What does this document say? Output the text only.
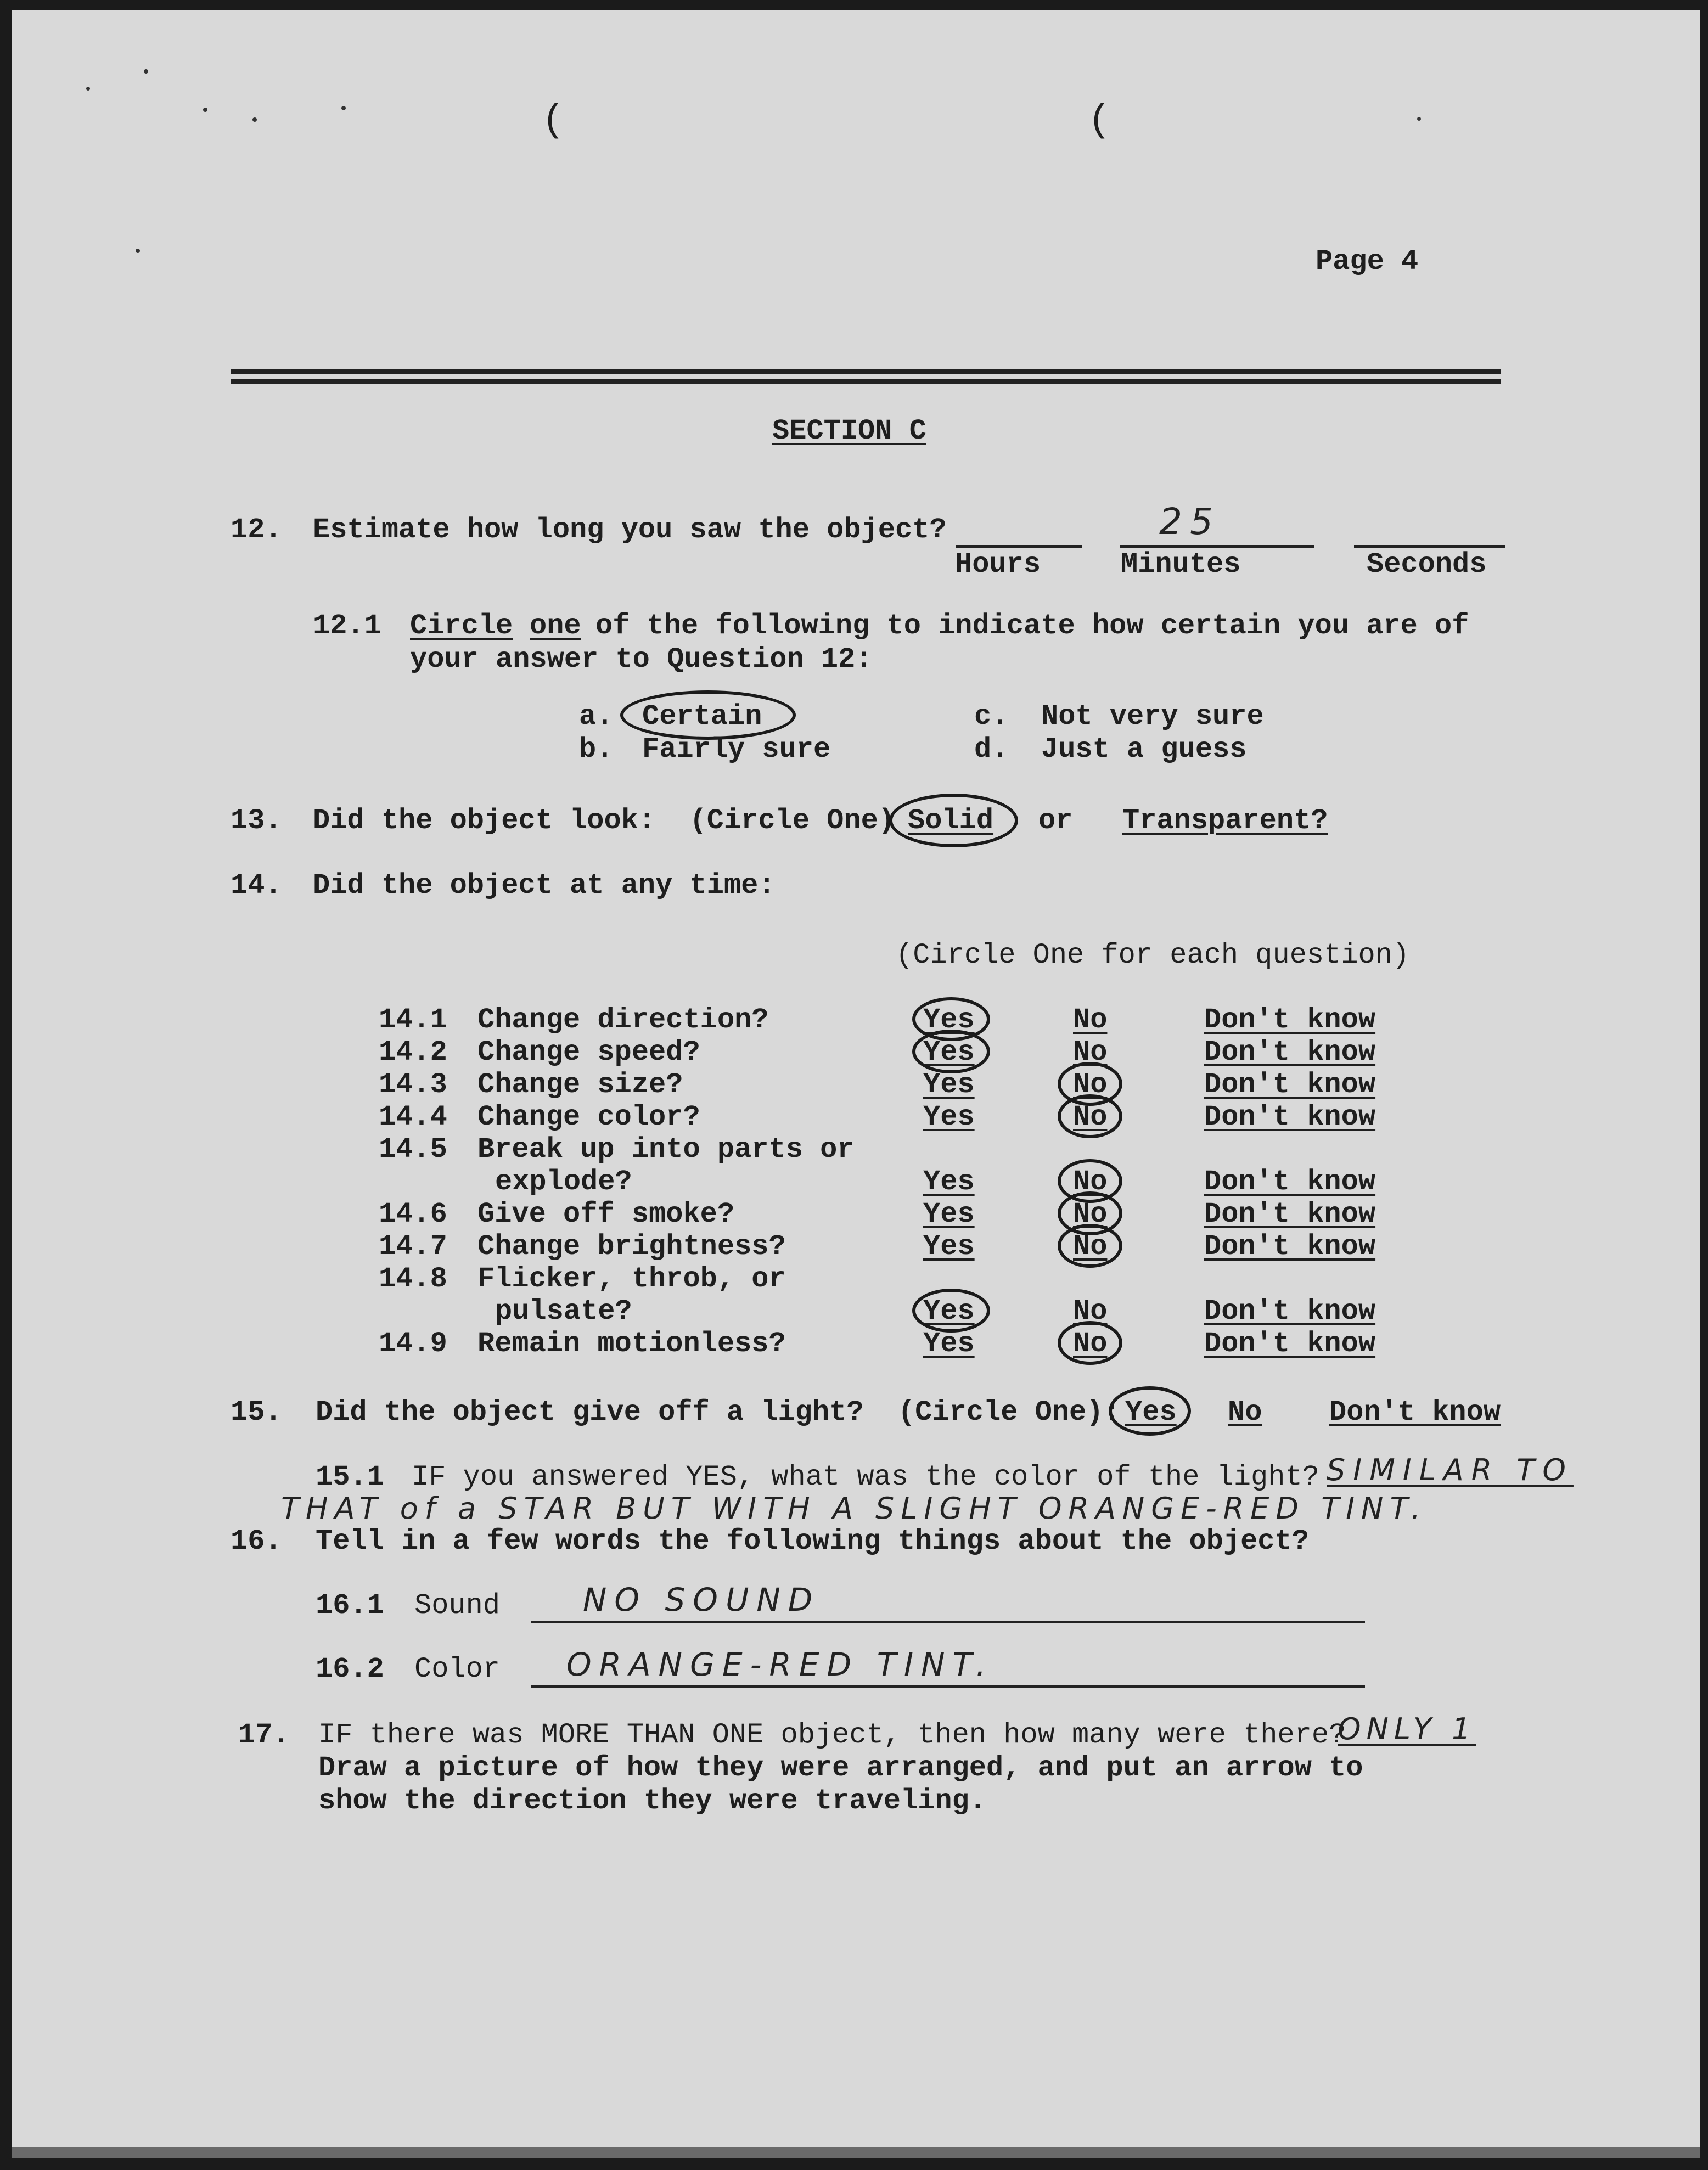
(	(
Page 4
SECTION C
12. Estimate how long you saw the object?	25
Hours	Minutes	Seconds
12.1 Circle one of the following to indicate how certain you are of
your answer to Question 12:
a. Certain
b. Fairly sure
c. Not very sure
d. Just a guess
13. Did the object look:  (Circle One) Solid or Transparent?
14. Did the object at any time:
(Circle One for each question)
14.1 Change direction?	Yes	No	Don't know
14.2 Change speed?	Yes	No	Don't know
14.3 Change size?	Yes	No	Don't know
14.4 Change color?	Yes	No	Don't know
14.5 Break up into parts or
explode?	Yes	No	Don't know
14.6 Give off smoke?	Yes	No	Don't know
14.7 Change brightness?	Yes	No	Don't know
14.8 Flicker, throb, or
pulsate?	Yes	No	Don't know
14.9 Remain motionless?	Yes	No	Don't know
15. Did the object give off a light?  (Circle One): Yes No Don't know
15.1 IF you answered YES, what was the color of the light? SIMILAR TO
THAT of a STAR BUT WITH A SLIGHT ORANGE-RED TINT.
16. Tell in a few words the following things about the object?
16.1 Sound	NO SOUND
16.2 Color ORANGE-RED TINT.
17. IF there was MORE THAN ONE object, then how many were there?
ONLY 1
Draw a picture of how they were arranged, and put an arrow to
show the direction they were traveling.
